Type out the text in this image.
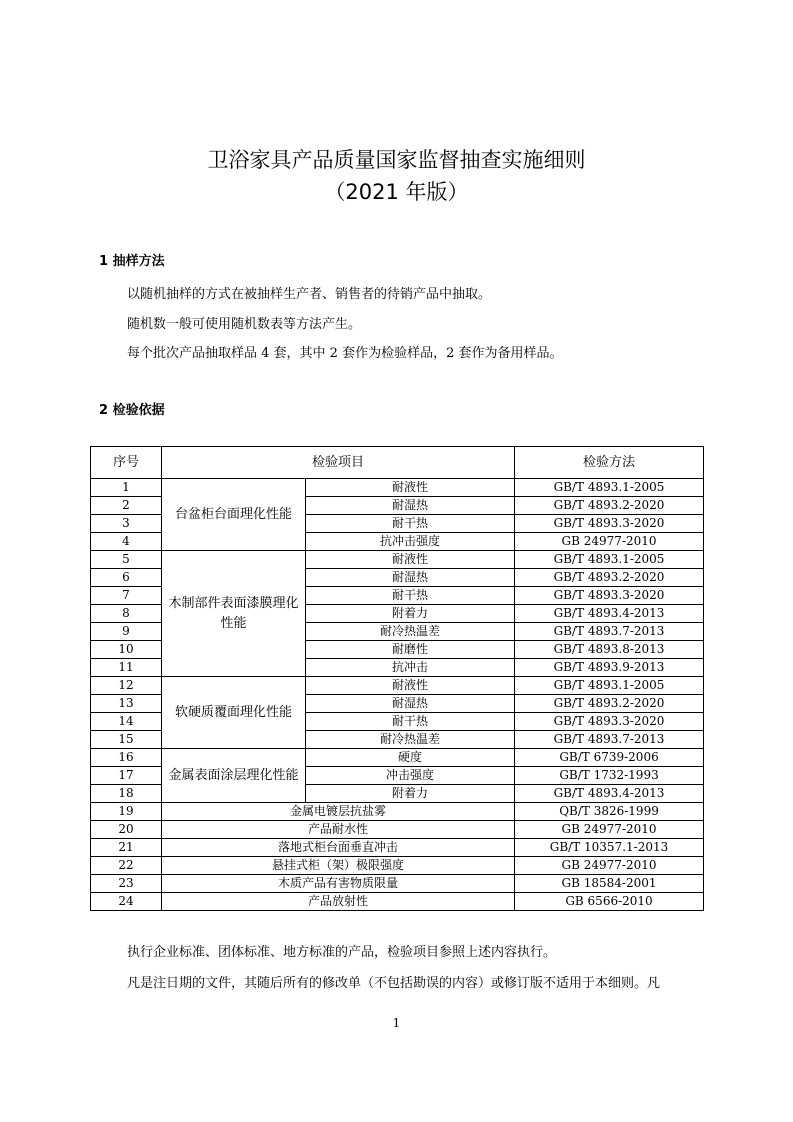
卫浴家具产品质量国家监督抽查实施细则
（2021 年版）
1 抽样方法
以随机抽样的方式在被抽样生产者、销售者的待销产品中抽取。
随机数一般可使用随机数表等方法产生。
每个批次产品抽取样品 4 套，其中 2 套作为检验样品，2 套作为备用样品。
2 检验依据
序号	检验项目		检验方法
1	台盆柜台面理化性能	耐液性	GB/T 4893.1-2005
2		耐湿热	GB/T 4893.2-2020
3		耐干热	GB/T 4893.3-2020
4		抗冲击强度	GB 24977-2010
5	木制部件表面漆膜理化性能	耐液性	GB/T 4893.1-2005
6		耐湿热	GB/T 4893.2-2020
7		耐干热	GB/T 4893.3-2020
8		附着力	GB/T 4893.4-2013
9		耐冷热温差	GB/T 4893.7-2013
10		耐磨性	GB/T 4893.8-2013
11		抗冲击	GB/T 4893.9-2013
12	软硬质覆面理化性能	耐液性	GB/T 4893.1-2005
13		耐湿热	GB/T 4893.2-2020
14		耐干热	GB/T 4893.3-2020
15		耐冷热温差	GB/T 4893.7-2013
16	金属表面涂层理化性能	硬度	GB/T 6739-2006
17		冲击强度	GB/T 1732-1993
18		附着力	GB/T 4893.4-2013
19	金属电镀层抗盐雾		QB/T 3826-1999
20	产品耐水性		GB 24977-2010
21	落地式柜台面垂直冲击		GB/T 10357.1-2013
22	悬挂式柜（架）极限强度		GB 24977-2010
23	木质产品有害物质限量		GB 18584-2001
24	产品放射性		GB 6566-2010
执行企业标准、团体标准、地方标准的产品，检验项目参照上述内容执行。
凡是注日期的文件，其随后所有的修改单（不包括勘误的内容）或修订版不适用于本细则。凡
1
